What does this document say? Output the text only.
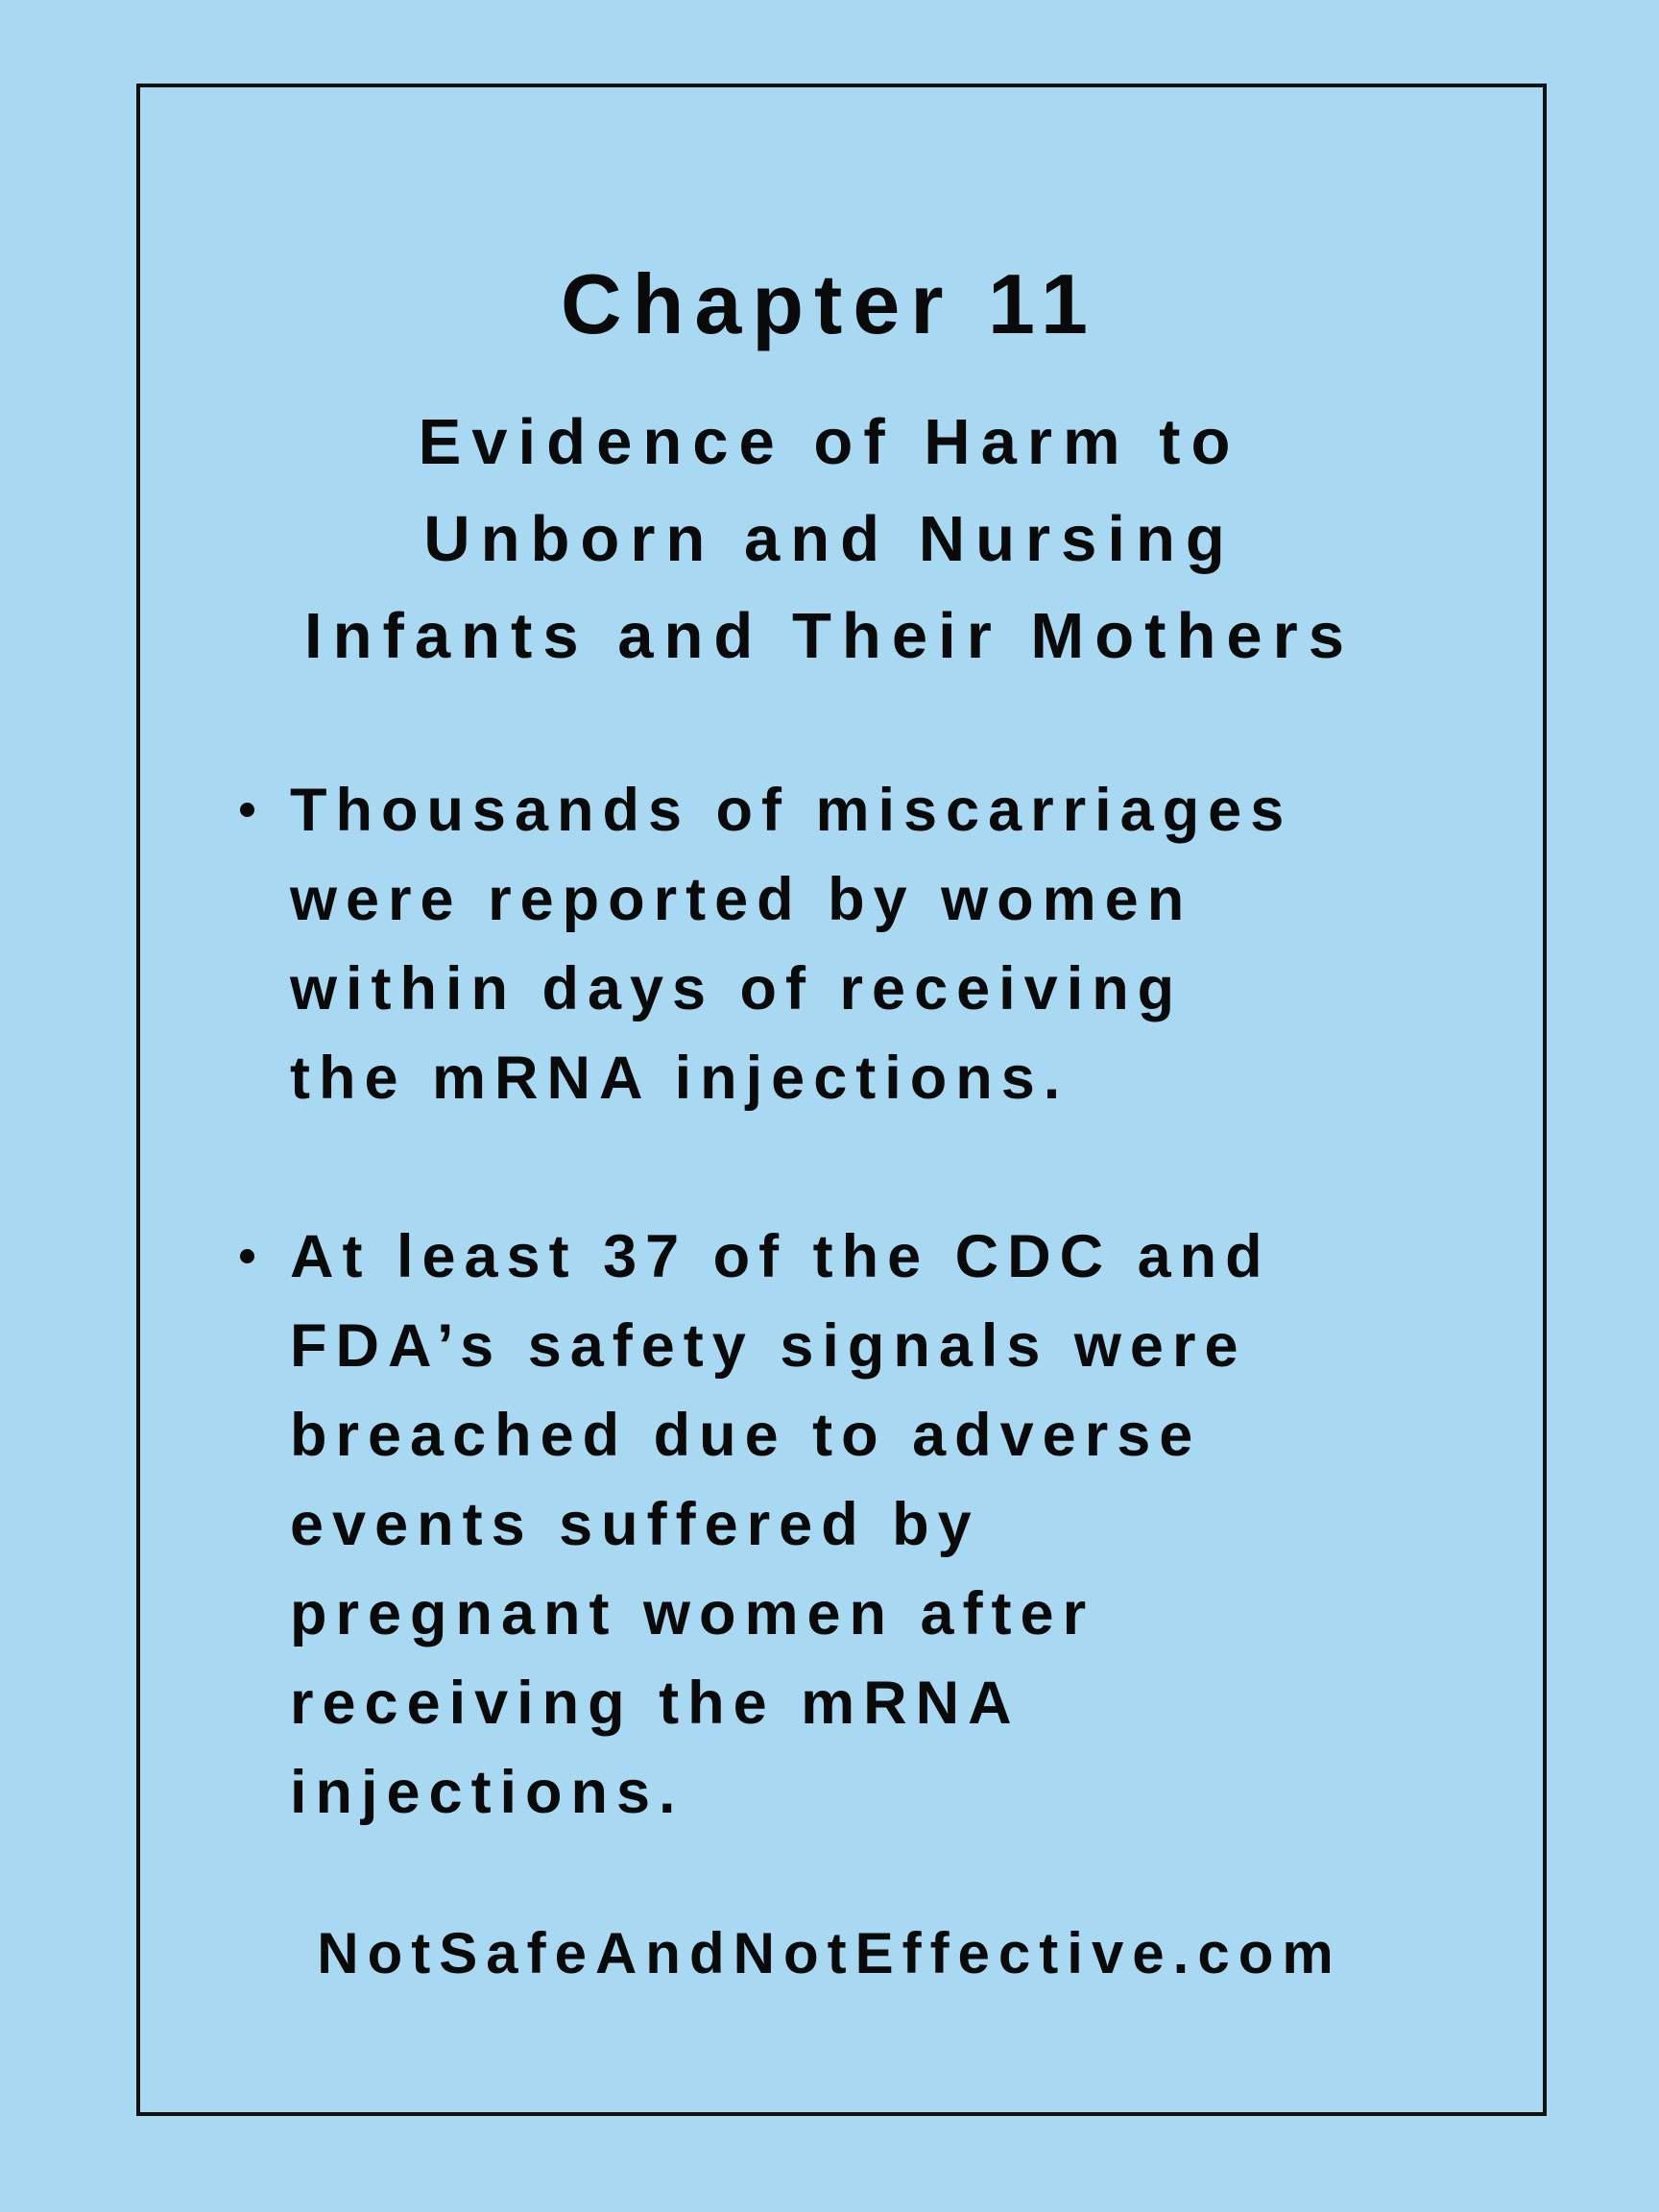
Chapter 11
Evidence of Harm to
Unborn and Nursing
Infants and Their Mothers
Thousands of miscarriages
were reported by women
within days of receiving
the mRNA injections.
At least 37 of the CDC and
FDA’s safety signals were
breached due to adverse
events suffered by
pregnant women after
receiving the mRNA
injections.
NotSafeAndNotEffective.com
